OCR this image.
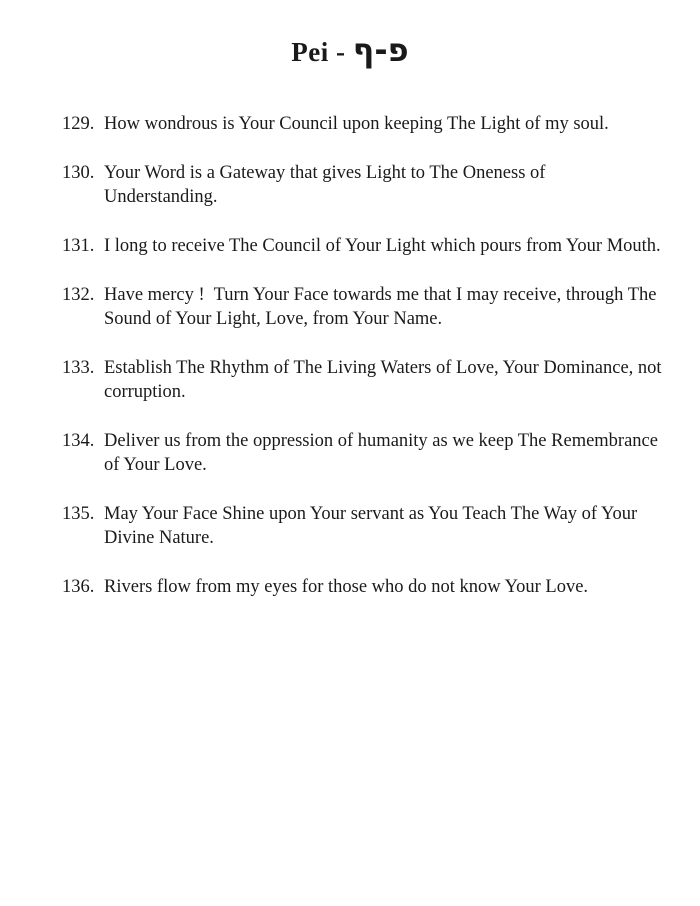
Pei - פ-ף
129. How wondrous is Your Council upon keeping The Light of my soul.
130. Your Word is a Gateway that gives Light to The Oneness of Understanding.
131. I long to receive The Council of Your Light which pours from Your Mouth.
132. Have mercy !  Turn Your Face towards me that I may receive, through The Sound of Your Light, Love, from Your Name.
133. Establish The Rhythm of The Living Waters of Love, Your Dominance, not corruption.
134. Deliver us from the oppression of humanity as we keep The Remembrance of Your Love.
135. May Your Face Shine upon Your servant as You Teach The Way of Your Divine Nature.
136. Rivers flow from my eyes for those who do not know Your Love.
